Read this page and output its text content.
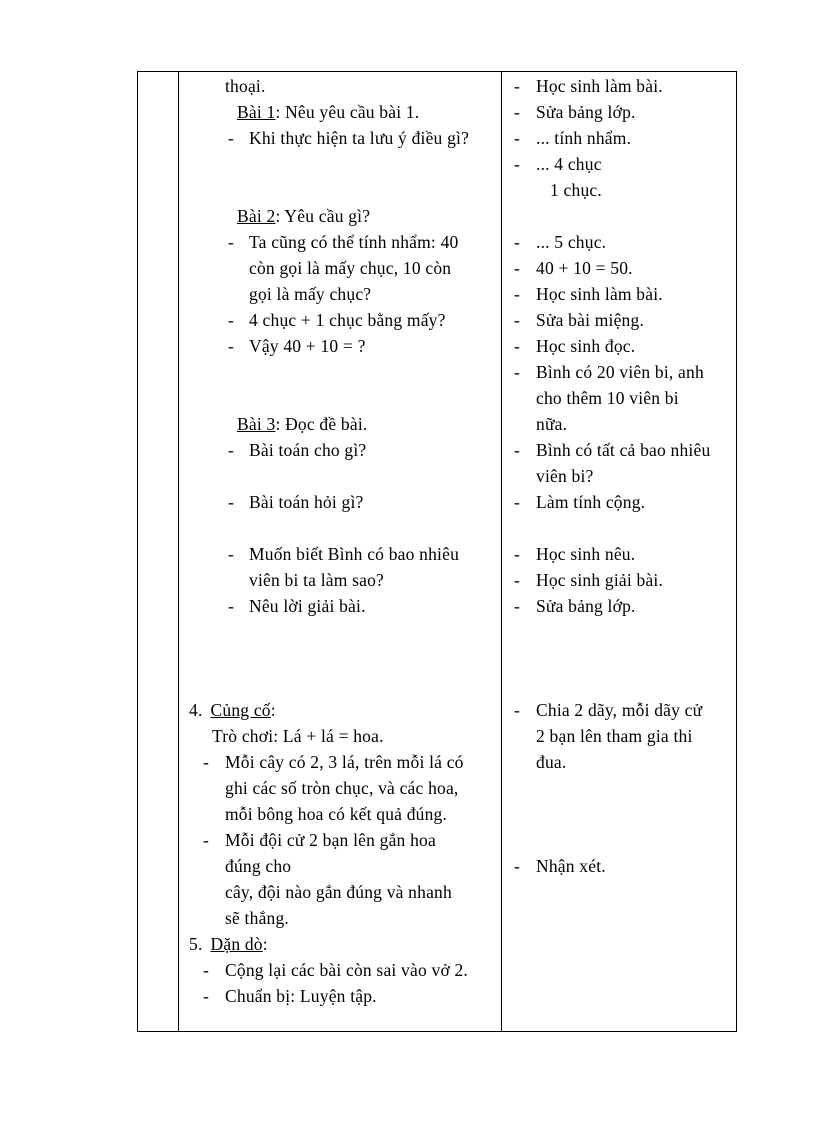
thoại.
Bài 1: Nêu yêu cầu bài 1.
- Khi thực hiện ta lưu ý điều gì?
Bài 2: Yêu cầu gì?
- Ta cũng có thể tính nhẩm: 40
còn gọi là mấy chục, 10 còn
gọi là mấy chục?
- 4 chục + 1 chục bằng mấy?
- Vậy 40 + 10 = ?
Bài 3: Đọc đề bài.
- Bài toán cho gì?
- Bài toán hỏi gì?
- Muốn biết Bình có bao nhiêu
viên bi ta làm sao?
- Nêu lời giải bài.
4. Củng cố:
Trò chơi: Lá + lá = hoa.
- Mỗi cây có 2, 3 lá, trên mỗi lá có
ghi các số tròn chục, và các hoa,
mỗi bông hoa có kết quả đúng.
- Mỗi đội cử 2 bạn lên gắn hoa
đúng cho
cây, đội nào gắn đúng và nhanh
sẽ thắng.
5. Dặn dò:
- Cộng lại các bài còn sai vào vở 2.
- Chuẩn bị: Luyện tập.
- Học sinh làm bài.
- Sửa bảng lớp.
- ... tính nhẩm.
- ... 4 chục
1 chục.
- ... 5 chục.
- 40 + 10 = 50.
- Học sinh làm bài.
- Sửa bài miệng.
- Học sinh đọc.
- Bình có 20 viên bi, anh
cho thêm 10 viên bi
nữa.
- Bình có tất cả bao nhiêu
viên bi?
- Làm tính cộng.
- Học sinh nêu.
- Học sinh giải bài.
- Sửa bảng lớp.
- Chia 2 dãy, mỗi dãy cử
2 bạn lên tham gia thi
đua.
- Nhận xét.
